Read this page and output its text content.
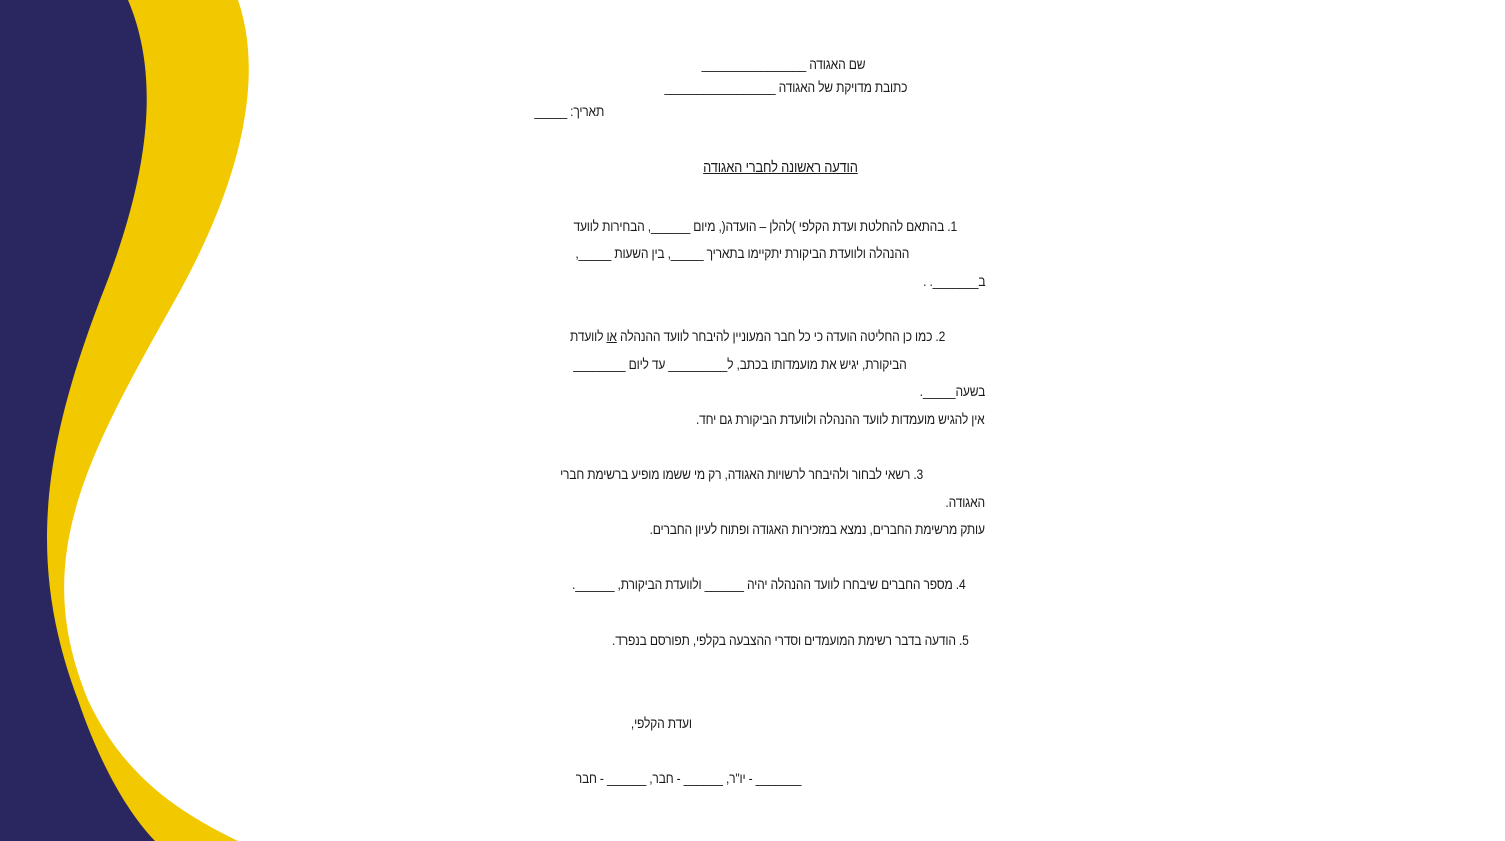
שם האגודה ________________
כתובת מדויקת של האגודה _________________
תאריך: _____
הודעה ראשונה לחברי האגודה
1. בהתאם להחלטת ועדת הקלפי )להלן – הועדה(, מיום ______, הבחירות לוועד
ההנהלה ולוועדת הביקורת יתקיימו בתאריך _____, בין השעות _____,
ב_______. .
2. כמו כן החליטה הועדה כי כל חבר המעוניין להיבחר לוועד ההנהלה או לוועדת
הביקורת, יגיש את מועמדותו בכתב, ל_________ עד ליום ________
בשעה_____.
אין להגיש מועמדות לוועד ההנהלה ולוועדת הביקורת גם יחד.
3. רשאי לבחור ולהיבחר לרשויות האגודה, רק מי ששמו מופיע ברשימת חברי
האגודה.
עותק מרשימת החברים, נמצא במזכירות האגודה ופתוח לעיון החברים.
4. מספר החברים שיבחרו לוועד ההנהלה יהיה ______ ולוועדת הביקורת, ______.
5. הודעה בדבר רשימת המועמדים וסדרי ההצבעה בקלפי, תפורסם בנפרד.
ועדת הקלפי,
_______ - יו"ר, ______ - חבר, ______ - חבר
